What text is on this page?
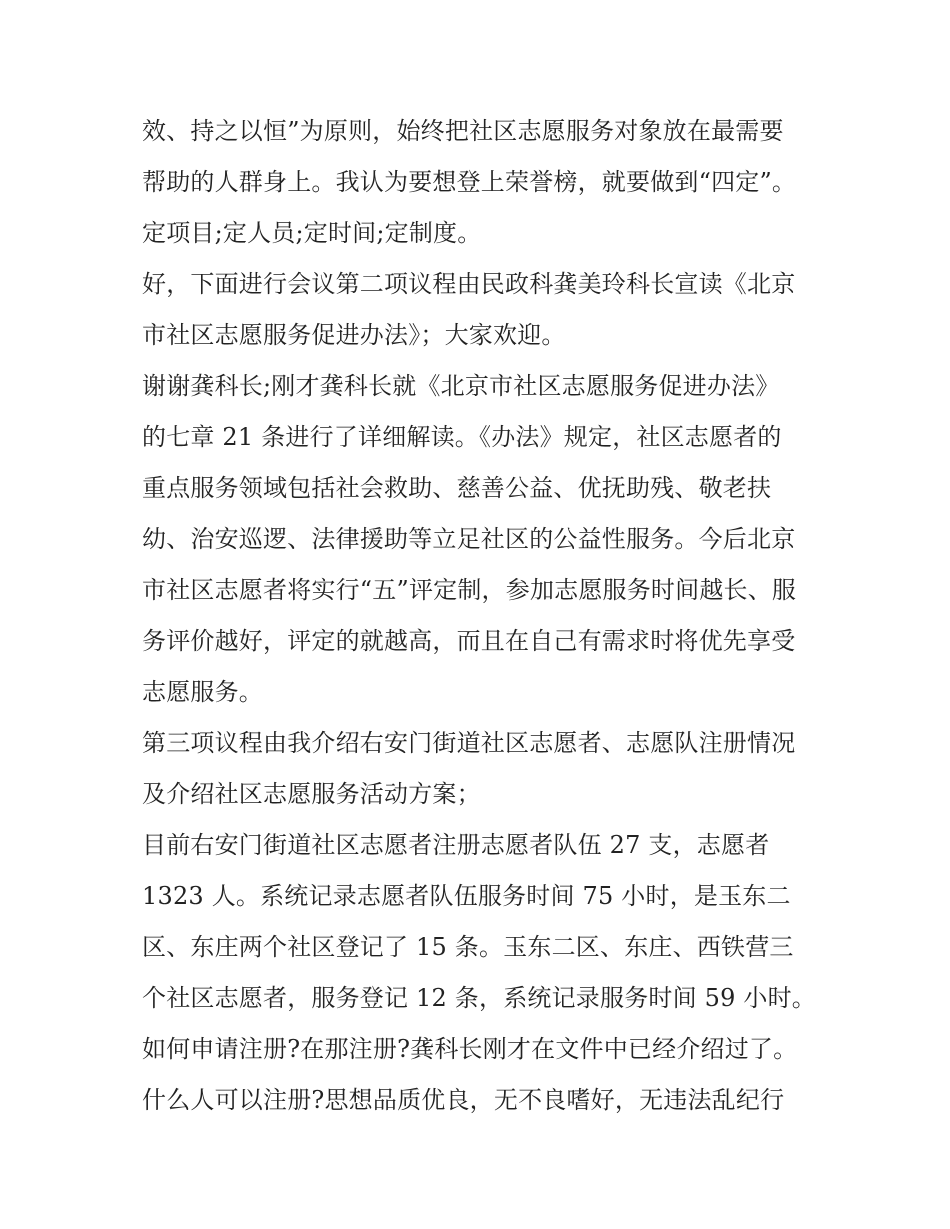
效、持之以恒”为原则，始终把社区志愿服务对象放在最需要
帮助的人群身上。我认为要想登上荣誉榜，就要做到“四定”。
定项目;定人员;定时间;定制度。
好，下面进行会议第二项议程由民政科龚美玲科长宣读《北京
市社区志愿服务促进办法》；大家欢迎。
谢谢龚科长;刚才龚科长就《北京市社区志愿服务促进办法》
的七章 21 条进行了详细解读。《办法》规定，社区志愿者的
重点服务领域包括社会救助、慈善公益、优抚助残、敬老扶
幼、治安巡逻、法律援助等立足社区的公益性服务。今后北京
市社区志愿者将实行“五”评定制，参加志愿服务时间越长、服
务评价越好，评定的就越高，而且在自己有需求时将优先享受
志愿服务。
第三项议程由我介绍右安门街道社区志愿者、志愿队注册情况
及介绍社区志愿服务活动方案；
目前右安门街道社区志愿者注册志愿者队伍 27 支，志愿者
1323 人。系统记录志愿者队伍服务时间 75 小时，是玉东二
区、东庄两个社区登记了 15 条。玉东二区、东庄、西铁营三
个社区志愿者，服务登记 12 条，系统记录服务时间 59 小时。
如何申请注册?在那注册?龚科长刚才在文件中已经介绍过了。
什么人可以注册?思想品质优良，无不良嗜好，无违法乱纪行
